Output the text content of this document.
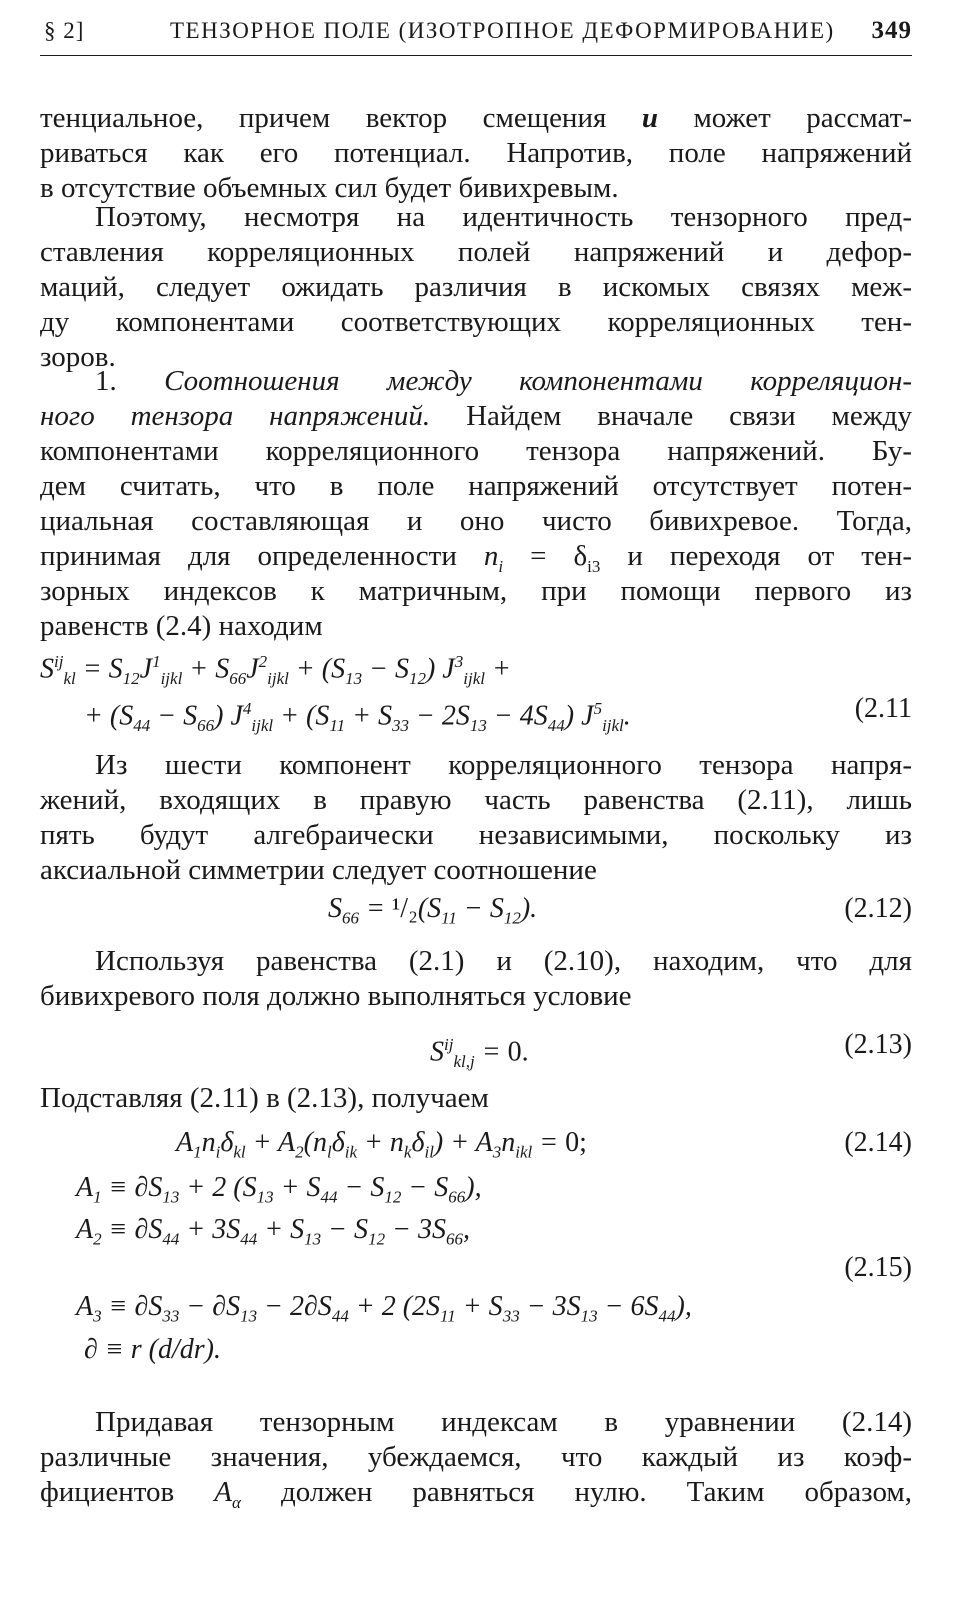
§ 2]	ТЕНЗОРНОЕ ПОЛЕ (ИЗОТРОПНОЕ ДЕФОРМИРОВАНИЕ) 349
тенциальное, причем вектор смещения u может рассмат-
риваться как его потенциал. Напротив, поле напряжений
в отсутствие объемных сил будет бивихревым.
Поэтому, несмотря на идентичность тензорного пред-
ставления корреляционных полей напряжений и дефор-
маций, следует ожидать различия в искомых связях меж-
ду компонентами соответствующих корреляционных тен-
зоров.
1. Соотношения между компонентами корреляцион-
ного тензора напряжений. Найдем вначале связи между
компонентами корреляционного тензора напряжений. Бу-
дем считать, что в поле напряжений отсутствует потен-
циальная составляющая и оно чисто бивихревое. Тогда,
принимая для определенности $n_i = \delta_{i3}$ и переходя от тен-
зорных индексов к матричным, при помощи первого из
равенств (2.4) находим
$S^{ij}_{kl} = S_{12}J^1_{ijkl} + S_{66}J^2_{ijkl} + (S_{13} - S_{12}) J^3_{ijkl}$ +
+ $(S_{44} - S_{66}) J^4_{ijkl} + (S_{11} + S_{33} - 2S_{13} - 4S_{44})$ $J^5_{ijkl}$.	(2.11
Из шести компонент корреляционного тензора напря-
жений, входящих в правую часть равенства (2.11), лишь
пять будут алгебраически независимыми, поскольку из
аксиальной симметрии следует соотношение
$S_{66} = ^1/_2(S_{11} - S_{12})$.	(2.12)
Используя равенства (2.1) и (2.10), находим, что для
бивихревого поля должно выполняться условие
$S^{ij}_{kl,j} = 0$.	(2.13)
Подставляя (2.11) в (2.13), получаем
$A_1n_i\delta_{kl} + A_2(n_l\delta_{ik} + n_k\delta_{il}) + A_3n_{ikl} = 0$;	(2.14)
$A_1 \equiv \partial S_{13} + 2$ $(S_{13} + S_{44} - S_{12} - S_{66})$,
$A_2 \equiv \partial S_{44} + 3S_{44} + S_{13} - S_{12} - 3S_{66}$,
(2.15)
$A_3 \equiv \partial S_{33} - \partial S_{13} - 2\partial S_{44} + 2$ $(2S_{11} + S_{33} - 3S_{13} - 6S_{44})$,
∂ ≡ r (d/dr).
Придавая тензорным индексам в уравнении (2.14)
различные значения, убеждаемся, что каждый из коэф-
фициентов $A_\alpha$ должен равняться нулю. Таким образом,
